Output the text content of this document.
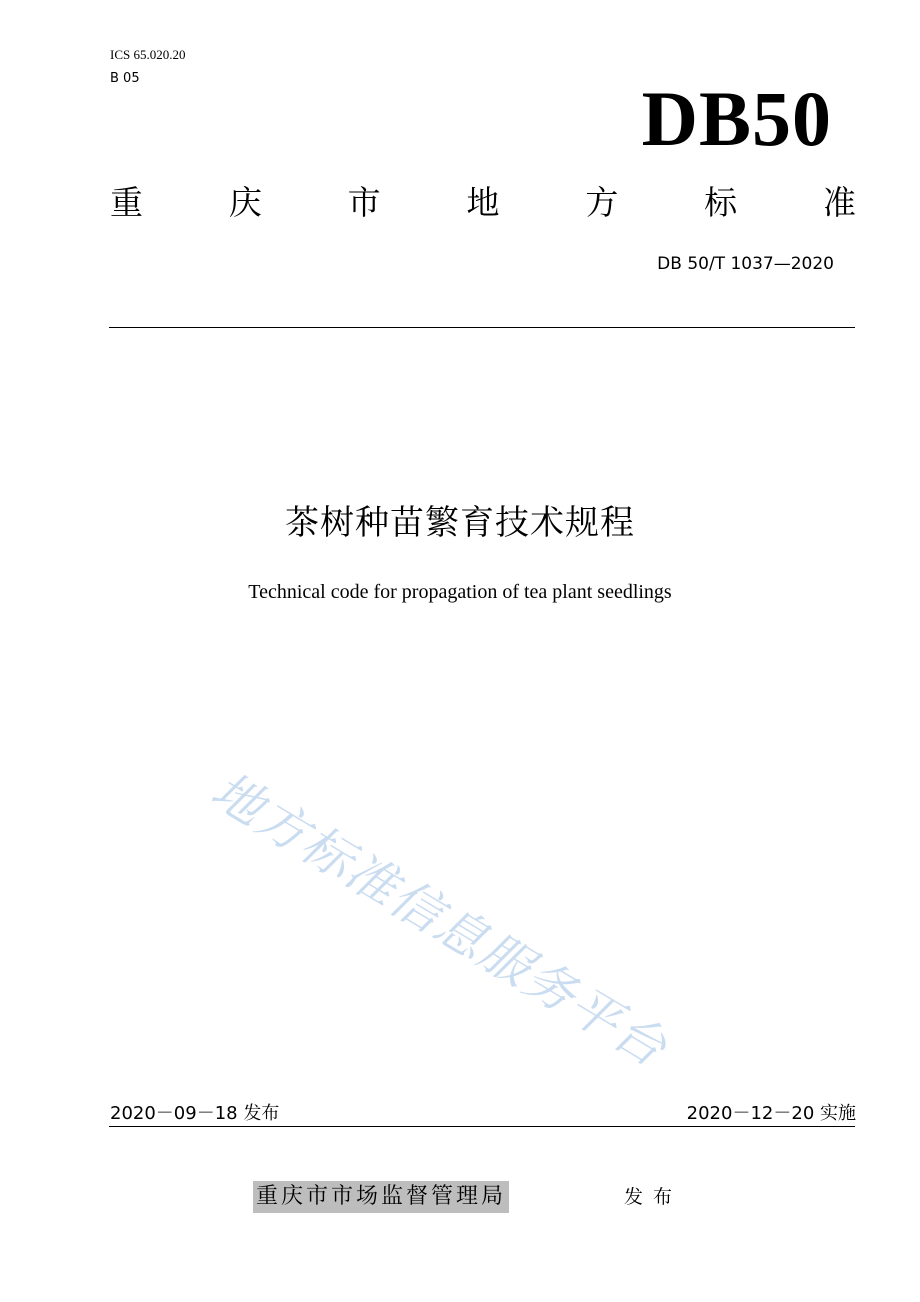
ICS 65.020.20
B 05	DB50
重	庆	市	地	方	标	准
DB 50/T 1037—2020
茶树种苗繁育技术规程
Technical code for propagation of tea plant seedlings
地方标准信息服务平台
2020－09－18 发布	2020－12－20 实施
重庆市市场监督管理局	发布
